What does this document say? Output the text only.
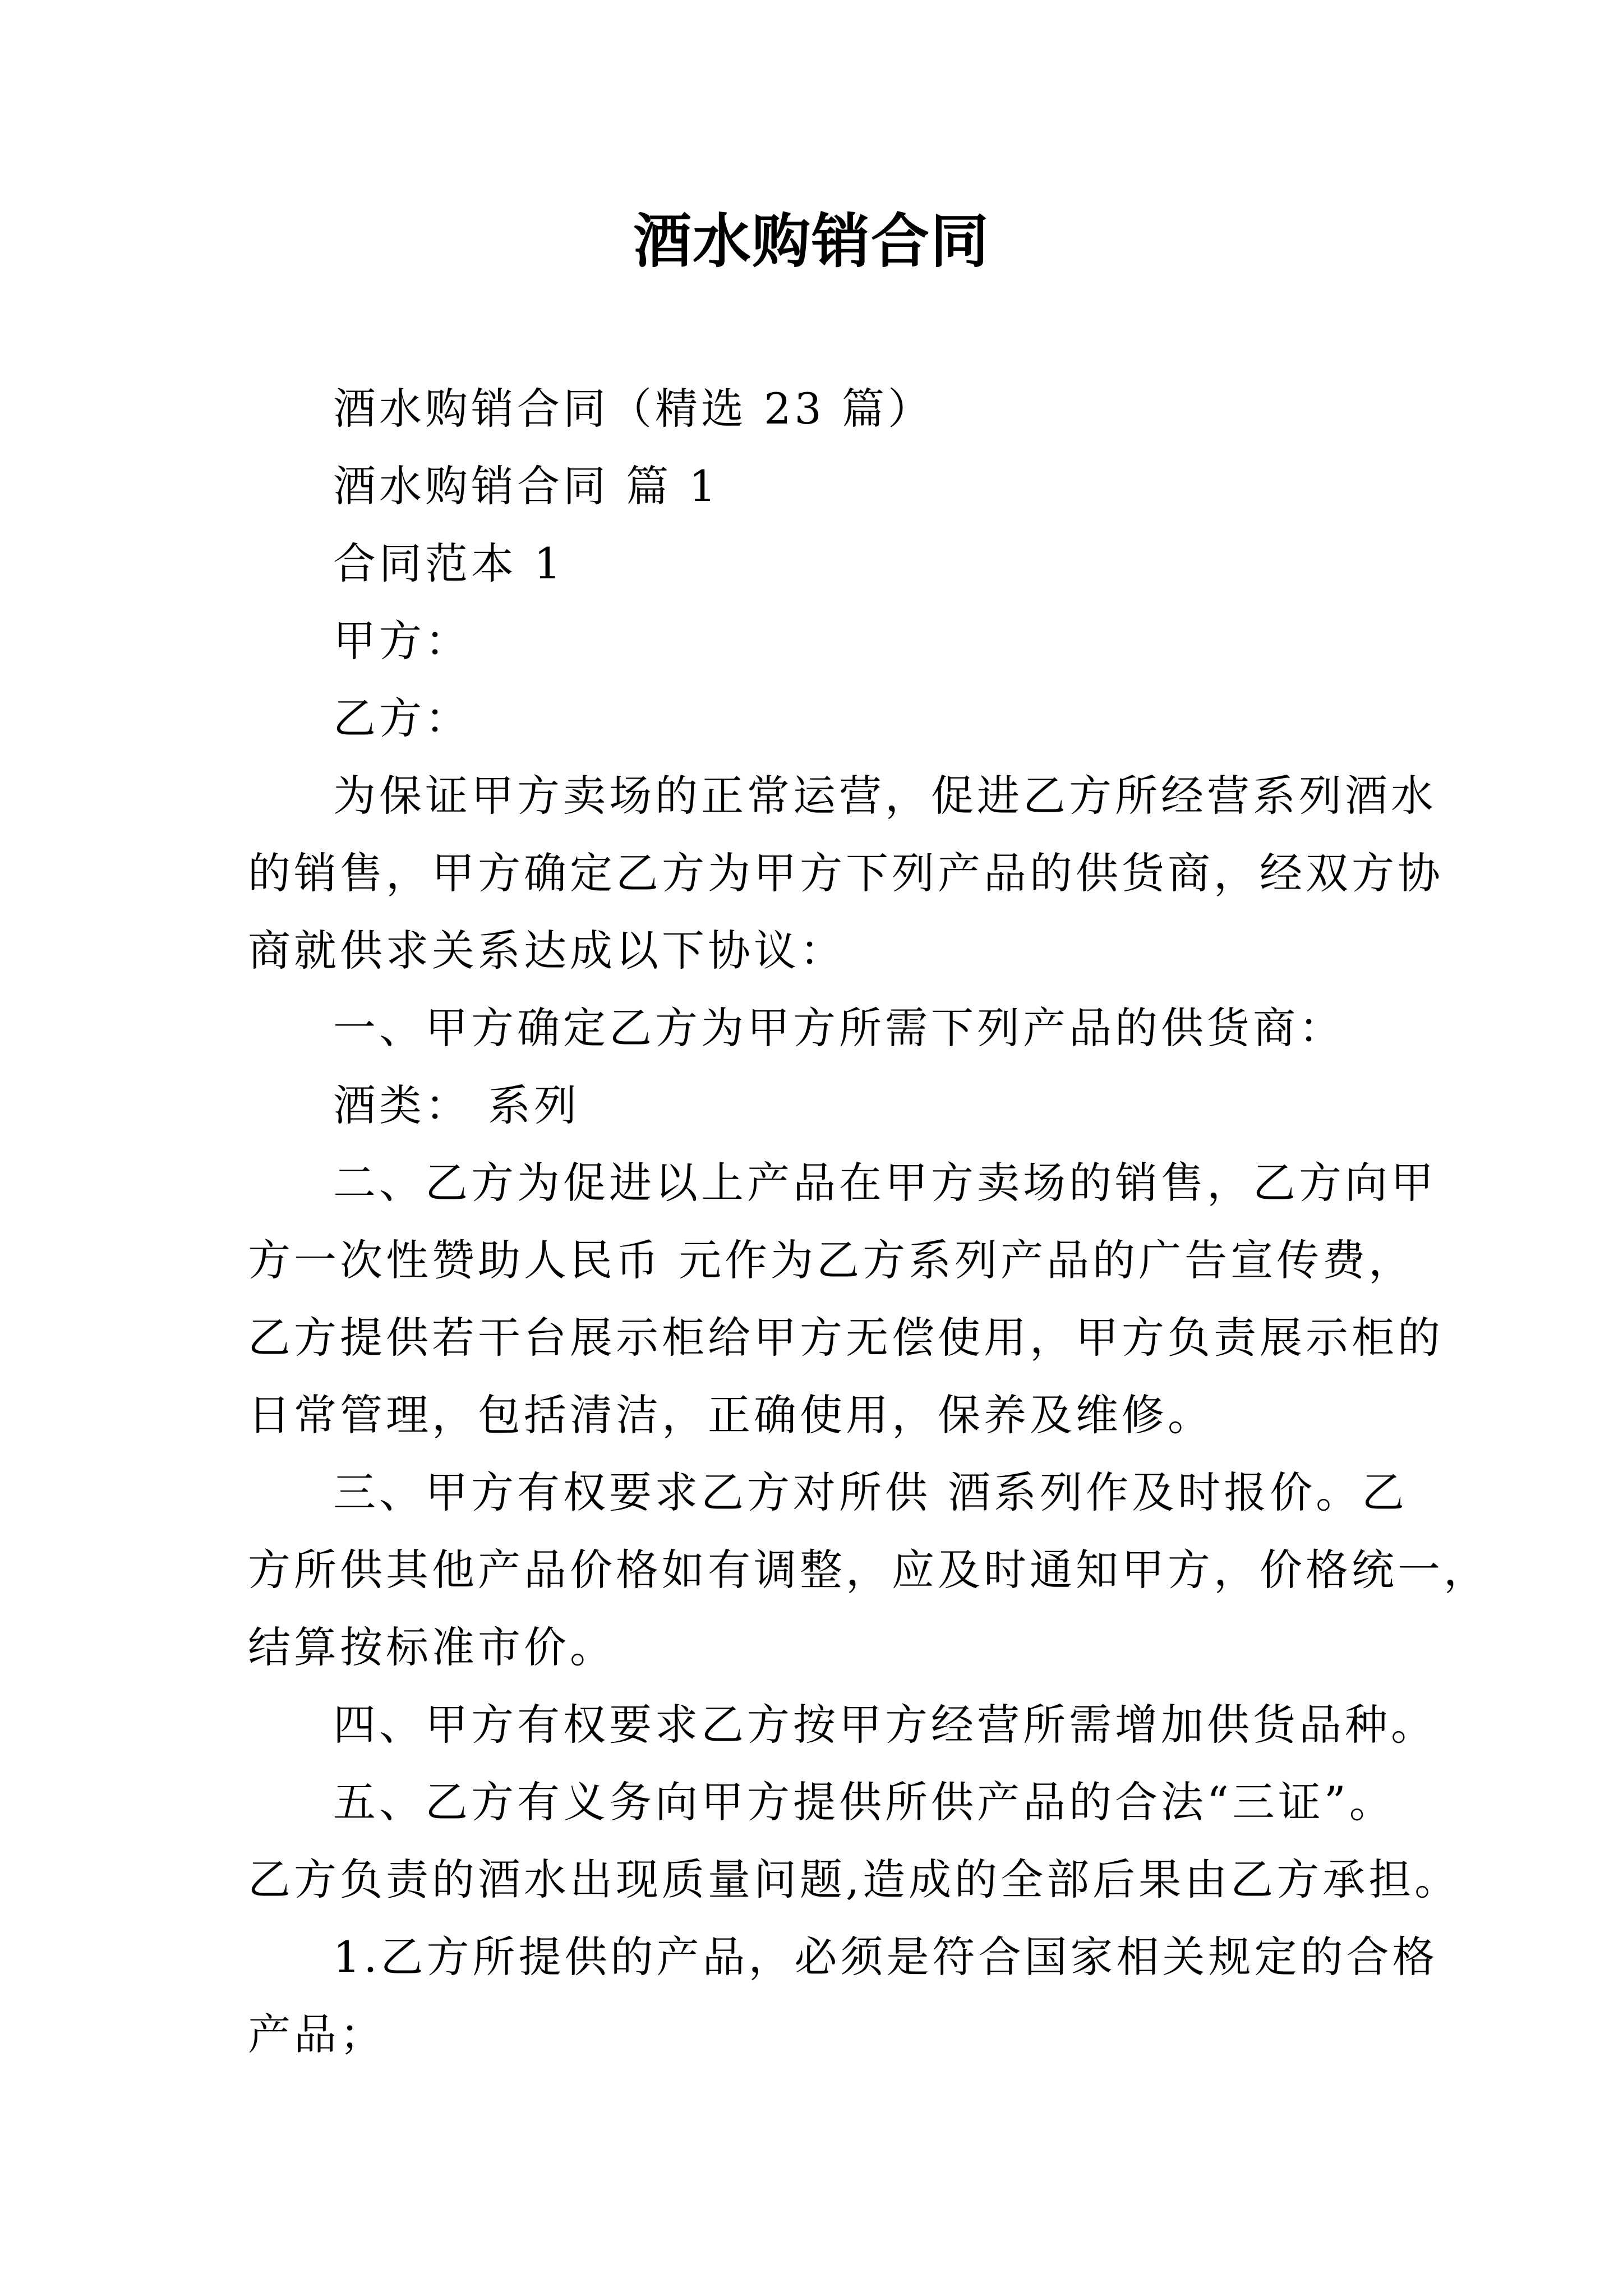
酒水购销合同
酒水购销合同（精选 23 篇）
酒水购销合同 篇 1
合同范本 1
甲方：
乙方：
为保证甲方卖场的正常运营，促进乙方所经营系列酒水
的销售，甲方确定乙方为甲方下列产品的供货商，经双方协
商就供求关系达成以下协议：
一、甲方确定乙方为甲方所需下列产品的供货商：
酒类： 系列
二、乙方为促进以上产品在甲方卖场的销售，乙方向甲
方一次性赞助人民币 元作为乙方系列产品的广告宣传费，
乙方提供若干台展示柜给甲方无偿使用，甲方负责展示柜的
日常管理，包括清洁，正确使用，保养及维修。
三、甲方有权要求乙方对所供 酒系列作及时报价。乙
方所供其他产品价格如有调整，应及时通知甲方，价格统一，
结算按标准市价。
四、甲方有权要求乙方按甲方经营所需增加供货品种。
五、乙方有义务向甲方提供所供产品的合法“三证”。
乙方负责的酒水出现质量问题,造成的全部后果由乙方承担。
1.乙方所提供的产品，必须是符合国家相关规定的合格
产品；
